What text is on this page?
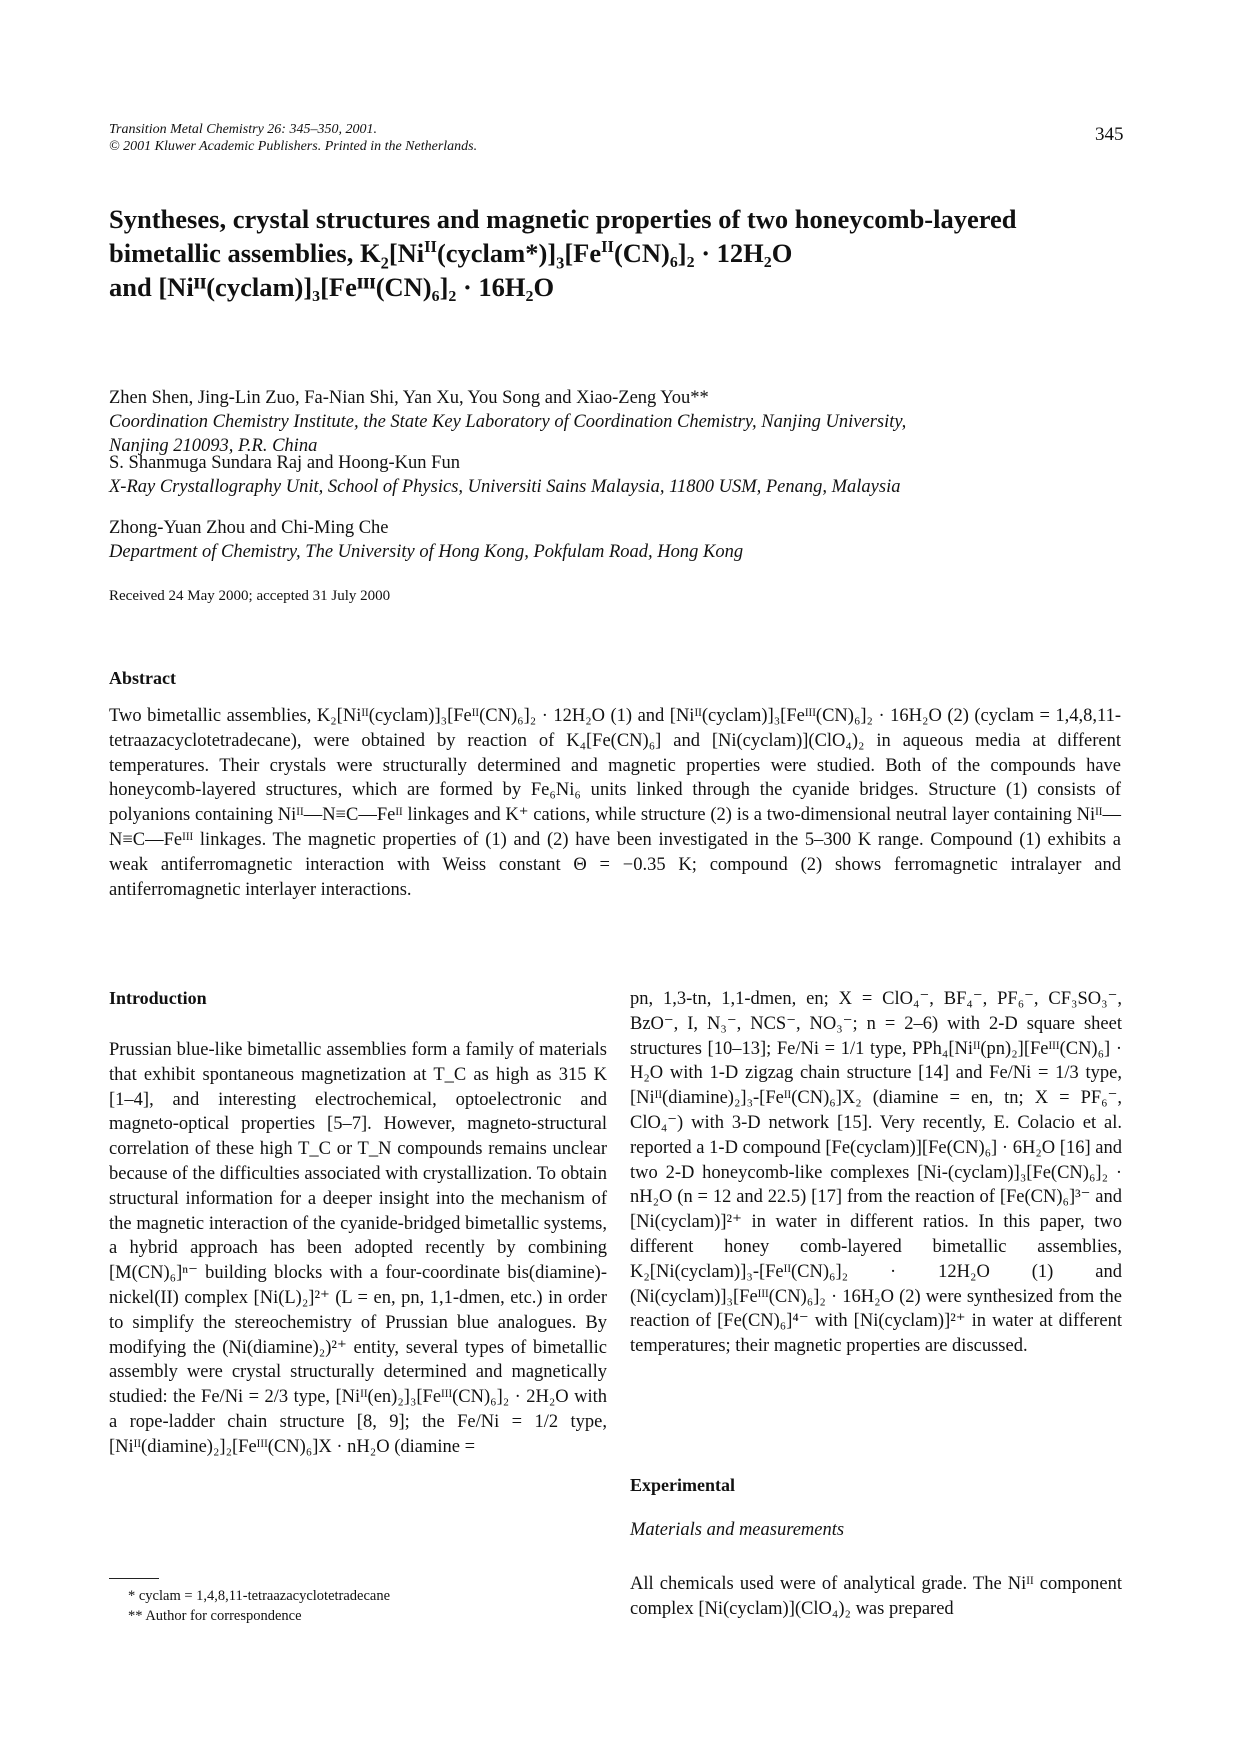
Transition Metal Chemistry 26: 345–350, 2001.
© 2001 Kluwer Academic Publishers. Printed in the Netherlands.
345
Syntheses, crystal structures and magnetic properties of two honeycomb-layered
bimetallic assemblies, $K_2[Ni^{II}(cyclam*)]_3[Fe^{II}(CN)_6]_2 \cdot 12H_2O$
and [Niᴵᴵ(cyclam)]₃[Feᴵᴵᴵ(CN)₆]₂ · 16H₂O
Zhen Shen, Jing-Lin Zuo, Fa-Nian Shi, Yan Xu, You Song and Xiao-Zeng You**
Coordination Chemistry Institute, the State Key Laboratory of Coordination Chemistry, Nanjing University,
Nanjing 210093, P.R. China
S. Shanmuga Sundara Raj and Hoong-Kun Fun
X-Ray Crystallography Unit, School of Physics, Universiti Sains Malaysia, 11800 USM, Penang, Malaysia
Zhong-Yuan Zhou and Chi-Ming Che
Department of Chemistry, The University of Hong Kong, Pokfulam Road, Hong Kong
Received 24 May 2000; accepted 31 July 2000
Abstract
Two bimetallic assemblies, K₂[Niᴵᴵ(cyclam)]₃[Feᴵᴵ(CN)₆]₂ · 12H₂O (1) and [Niᴵᴵ(cyclam)]₃[Feᴵᴵᴵ(CN)₆]₂ · 16H₂O (2) (cyclam = 1,4,8,11-tetraazacyclotetradecane), were obtained by reaction of K₄[Fe(CN)₆] and [Ni(cyclam)](ClO₄)₂ in aqueous media at different temperatures. Their crystals were structurally determined and magnetic properties were studied. Both of the compounds have honeycomb-layered structures, which are formed by Fe₆Ni₆ units linked through the cyanide bridges. Structure (1) consists of polyanions containing Niᴵᴵ—N≡C—Feᴵᴵ linkages and K⁺ cations, while structure (2) is a two-dimensional neutral layer containing Niᴵᴵ—N≡C—Feᴵᴵᴵ linkages. The magnetic properties of (1) and (2) have been investigated in the 5–300 K range. Compound (1) exhibits a weak antiferromagnetic interaction with Weiss constant Θ = −0.35 K; compound (2) shows ferromagnetic intralayer and antiferromagnetic interlayer interactions.
Introduction
Prussian blue-like bimetallic assemblies form a family of materials that exhibit spontaneous magnetization at T_C as high as 315 K [1–4], and interesting electrochemical, optoelectronic and magneto-optical properties [5–7]. However, magneto-structural correlation of these high T_C or T_N compounds remains unclear because of the difficulties associated with crystallization. To obtain structural information for a deeper insight into the mechanism of the magnetic interaction of the cyanide-bridged bimetallic systems, a hybrid approach has been adopted recently by combining [M(CN)₆]ⁿ⁻ building blocks with a four-coordinate bis(diamine)-nickel(II) complex [Ni(L)₂]²⁺ (L = en, pn, 1,1-dmen, etc.) in order to simplify the stereochemistry of Prussian blue analogues. By modifying the (Ni(diamine)₂)²⁺ entity, several types of bimetallic assembly were crystal structurally determined and magnetically studied: the Fe/Ni = 2/3 type, [Niᴵᴵ(en)₂]₃[Feᴵᴵᴵ(CN)₆]₂ · 2H₂O with a rope-ladder chain structure [8, 9]; the Fe/Ni = 1/2 type, [Niᴵᴵ(diamine)₂]₂[Feᴵᴵᴵ(CN)₆]X · nH₂O (diamine =
pn, 1,3-tn, 1,1-dmen, en; X = ClO₄⁻, BF₄⁻, PF₆⁻, CF₃SO₃⁻, BzO⁻, I, N₃⁻, NCS⁻, NO₃⁻; n = 2–6) with 2-D square sheet structures [10–13]; Fe/Ni = 1/1 type, PPh₄[Niᴵᴵ(pn)₂][Feᴵᴵᴵ(CN)₆] · H₂O with 1-D zigzag chain structure [14] and Fe/Ni = 1/3 type, [Niᴵᴵ(diamine)₂]₃-[Feᴵᴵ(CN)₆]X₂ (diamine = en, tn; X = PF₆⁻, ClO₄⁻) with 3-D network [15]. Very recently, E. Colacio et al. reported a 1-D compound [Fe(cyclam)][Fe(CN)₆] · 6H₂O [16] and two 2-D honeycomb-like complexes [Ni-(cyclam)]₃[Fe(CN)₆]₂ · nH₂O (n = 12 and 22.5) [17] from the reaction of [Fe(CN)₆]³⁻ and [Ni(cyclam)]²⁺ in water in different ratios. In this paper, two different honey comb-layered bimetallic assemblies, K₂[Ni(cyclam)]₃-[Feᴵᴵ(CN)₆]₂ · 12H₂O (1) and (Ni(cyclam)]₃[Feᴵᴵᴵ(CN)₆]₂ · 16H₂O (2) were synthesized from the reaction of [Fe(CN)₆]⁴⁻ with [Ni(cyclam)]²⁺ in water at different temperatures; their magnetic properties are discussed.
Experimental
Materials and measurements
All chemicals used were of analytical grade. The Niᴵᴵ component complex [Ni(cyclam)](ClO₄)₂ was prepared
* cyclam = 1,4,8,11-tetraazacyclotetradecane
** Author for correspondence
